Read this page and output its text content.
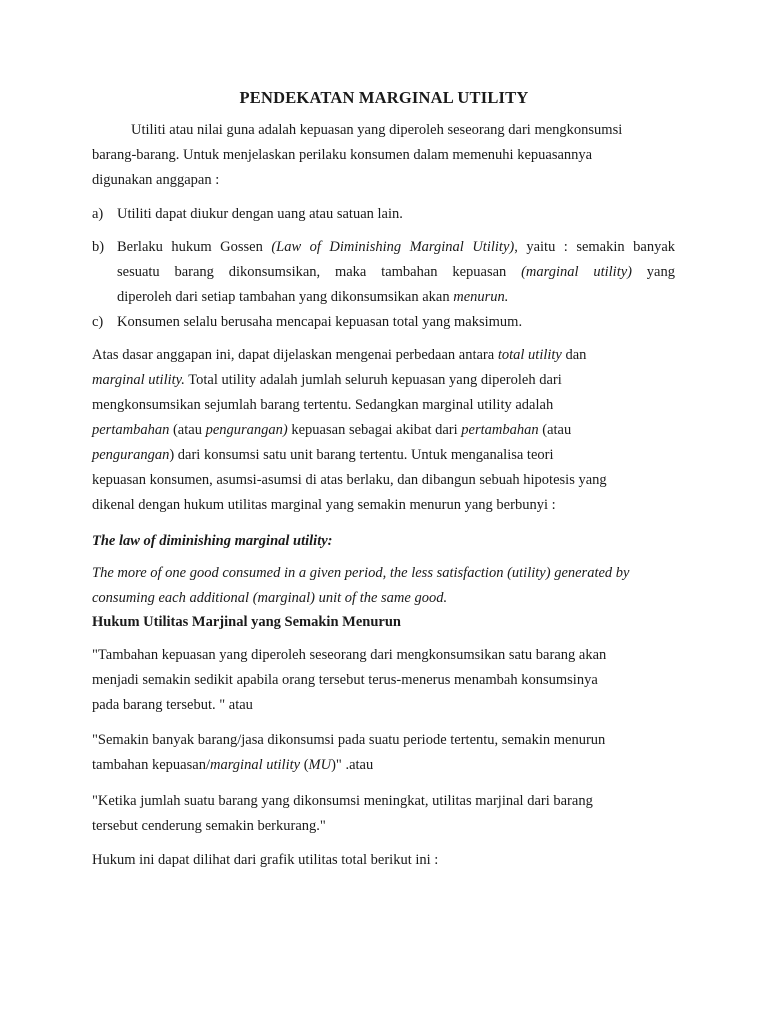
PENDEKATAN MARGINAL UTILITY
Utiliti atau nilai guna adalah kepuasan yang diperoleh seseorang dari mengkonsumsi
barang-barang. Untuk menjelaskan perilaku konsumen dalam memenuhi kepuasannya
digunakan anggapan :
a) Utiliti dapat diukur dengan uang atau satuan lain.
b) Berlaku hukum Gossen (Law of Diminishing Marginal Utility), yaitu : semakin banyak
sesuatu barang dikonsumsikan, maka tambahan kepuasan (marginal utility) yang
diperoleh dari setiap tambahan yang dikonsumsikan akan menurun.
c) Konsumen selalu berusaha mencapai kepuasan total yang maksimum.
Atas dasar anggapan ini, dapat dijelaskan mengenai perbedaan antara total utility dan
marginal utility. Total utility adalah jumlah seluruh kepuasan yang diperoleh dari
mengkonsumsikan sejumlah barang tertentu. Sedangkan marginal utility adalah
pertambahan (atau pengurangan) kepuasan sebagai akibat dari pertambahan (atau
pengurangan) dari konsumsi satu unit barang tertentu. Untuk menganalisa teori
kepuasan konsumen, asumsi-asumsi di atas berlaku, dan dibangun sebuah hipotesis yang
dikenal dengan hukum utilitas marginal yang semakin menurun yang berbunyi :
The law of diminishing marginal utility:
The more of one good consumed in a given period, the less satisfaction (utility) generated by
consuming each additional (marginal) unit of the same good.
Hukum Utilitas Marjinal yang Semakin Menurun
"Tambahan kepuasan yang diperoleh seseorang dari mengkonsumsikan satu barang akan
menjadi semakin sedikit apabila orang tersebut terus-menerus menambah konsumsinya
pada barang tersebut. " atau
"Semakin banyak barang/jasa dikonsumsi pada suatu periode tertentu, semakin menurun
tambahan kepuasan/marginal utility (MU)" .atau
"Ketika jumlah suatu barang yang dikonsumsi meningkat, utilitas marjinal dari barang
tersebut cenderung semakin berkurang."
Hukum ini dapat dilihat dari grafik utilitas total berikut ini :
